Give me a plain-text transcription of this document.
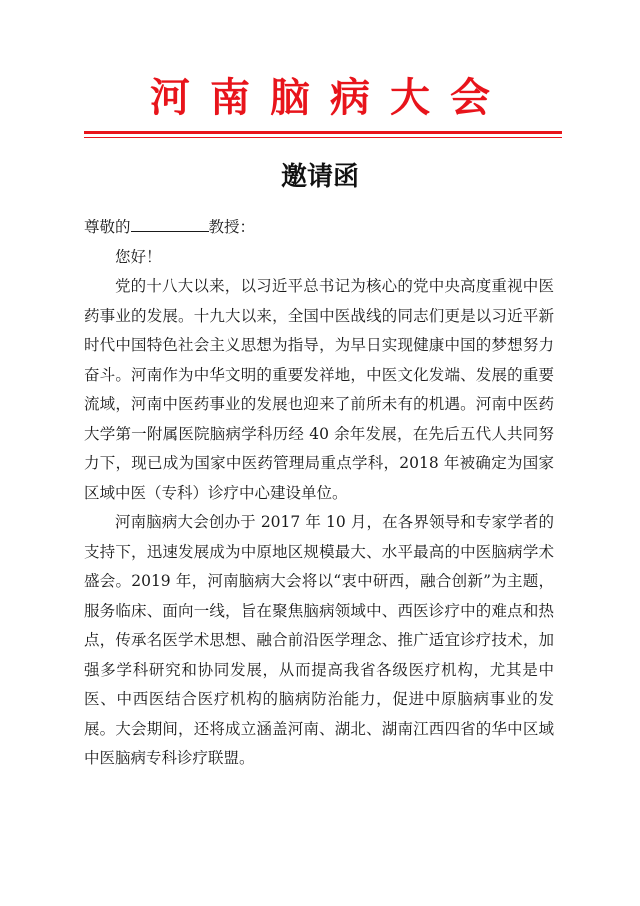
河南脑病大会
邀请函

尊敬的	教授：

您好！

党的十八大以来，以习近平总书记为核心的党中央高度重视中医药事业的发展。十九大以来，全国中医战线的同志们更是以习近平新时代中国特色社会主义思想为指导，为早日实现健康中国的梦想努力奋斗。河南作为中华文明的重要发祥地，中医文化发端、发展的重要流域，河南中医药事业的发展也迎来了前所未有的机遇。河南中医药大学第一附属医院脑病学科历经 40 余年发展，在先后五代人共同努力下，现已成为国家中医药管理局重点学科，2018 年被确定为国家区域中医（专科）诊疗中心建设单位。

河南脑病大会创办于 2017 年 10 月，在各界领导和专家学者的支持下，迅速发展成为中原地区规模最大、水平最高的中医脑病学术盛会。2019 年，河南脑病大会将以“衷中研西，融合创新”为主题，服务临床、面向一线，旨在聚焦脑病领域中、西医诊疗中的难点和热点，传承名医学术思想、融合前沿医学理念、推广适宜诊疗技术，加强多学科研究和协同发展，从而提高我省各级医疗机构，尤其是中医、中西医结合医疗机构的脑病防治能力，促进中原脑病事业的发展。大会期间，还将成立涵盖河南、湖北、湖南江西四省的华中区域中医脑病专科诊疗联盟。
